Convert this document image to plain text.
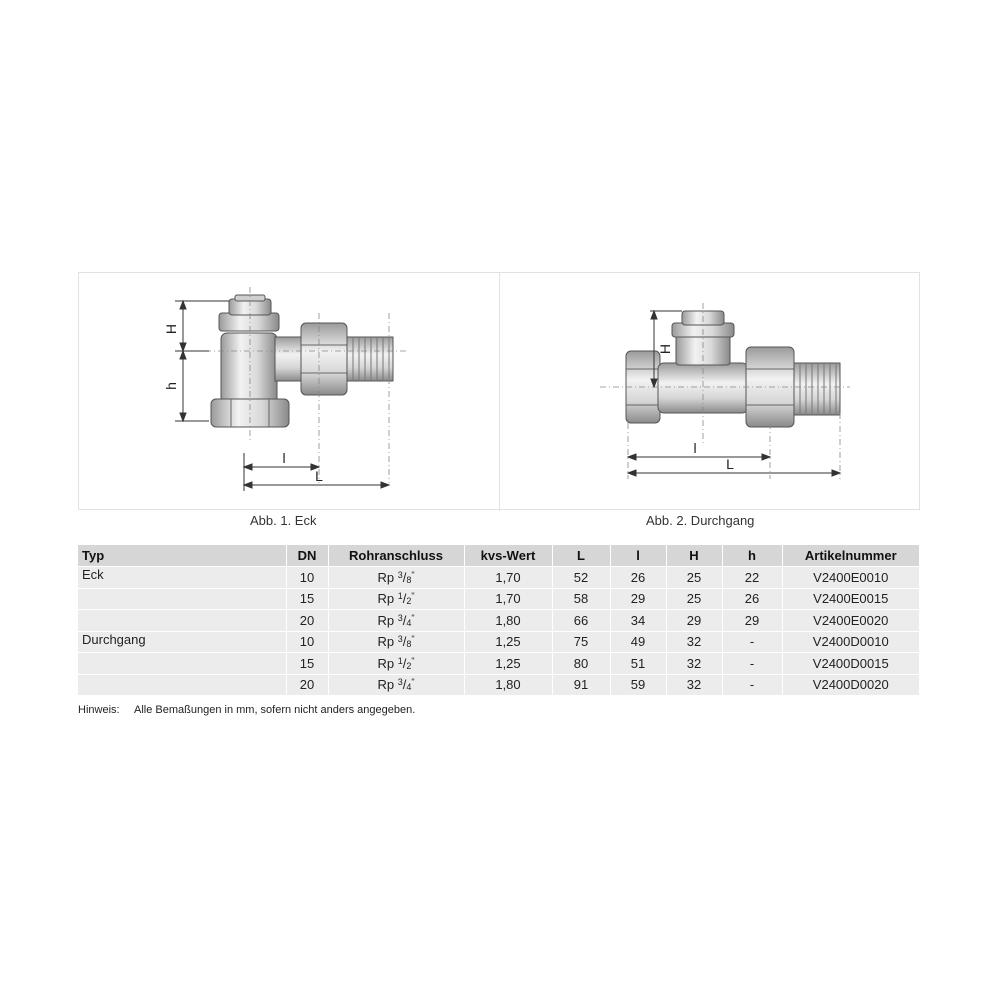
H
h
l
L
H
l
L
Abb. 1. Eck	Abb. 2. Durchgang
Typ	DN	Rohranschluss	kvs-Wert	L	l	H	h	Artikelnummer
Eck	10	Rp $^3$/8"	1,70	52	26	25	22	V2400E0010
	15	Rp $^1$/2"	1,70	58	29	25	26	V2400E0015
	20	Rp $^3$/4"	1,80	66	34	29	29	V2400E0020
Durchgang	10	Rp $^3$/8"	1,25	75	49	32	-	V2400D0010
	15	Rp $^1$/2"	1,25	80	51	32	-	V2400D0015
	20	Rp $^3$/4"	1,80	91	59	32	-	V2400D0020
Hinweis: Alle Bemaßungen in mm, sofern nicht anders angegeben.
